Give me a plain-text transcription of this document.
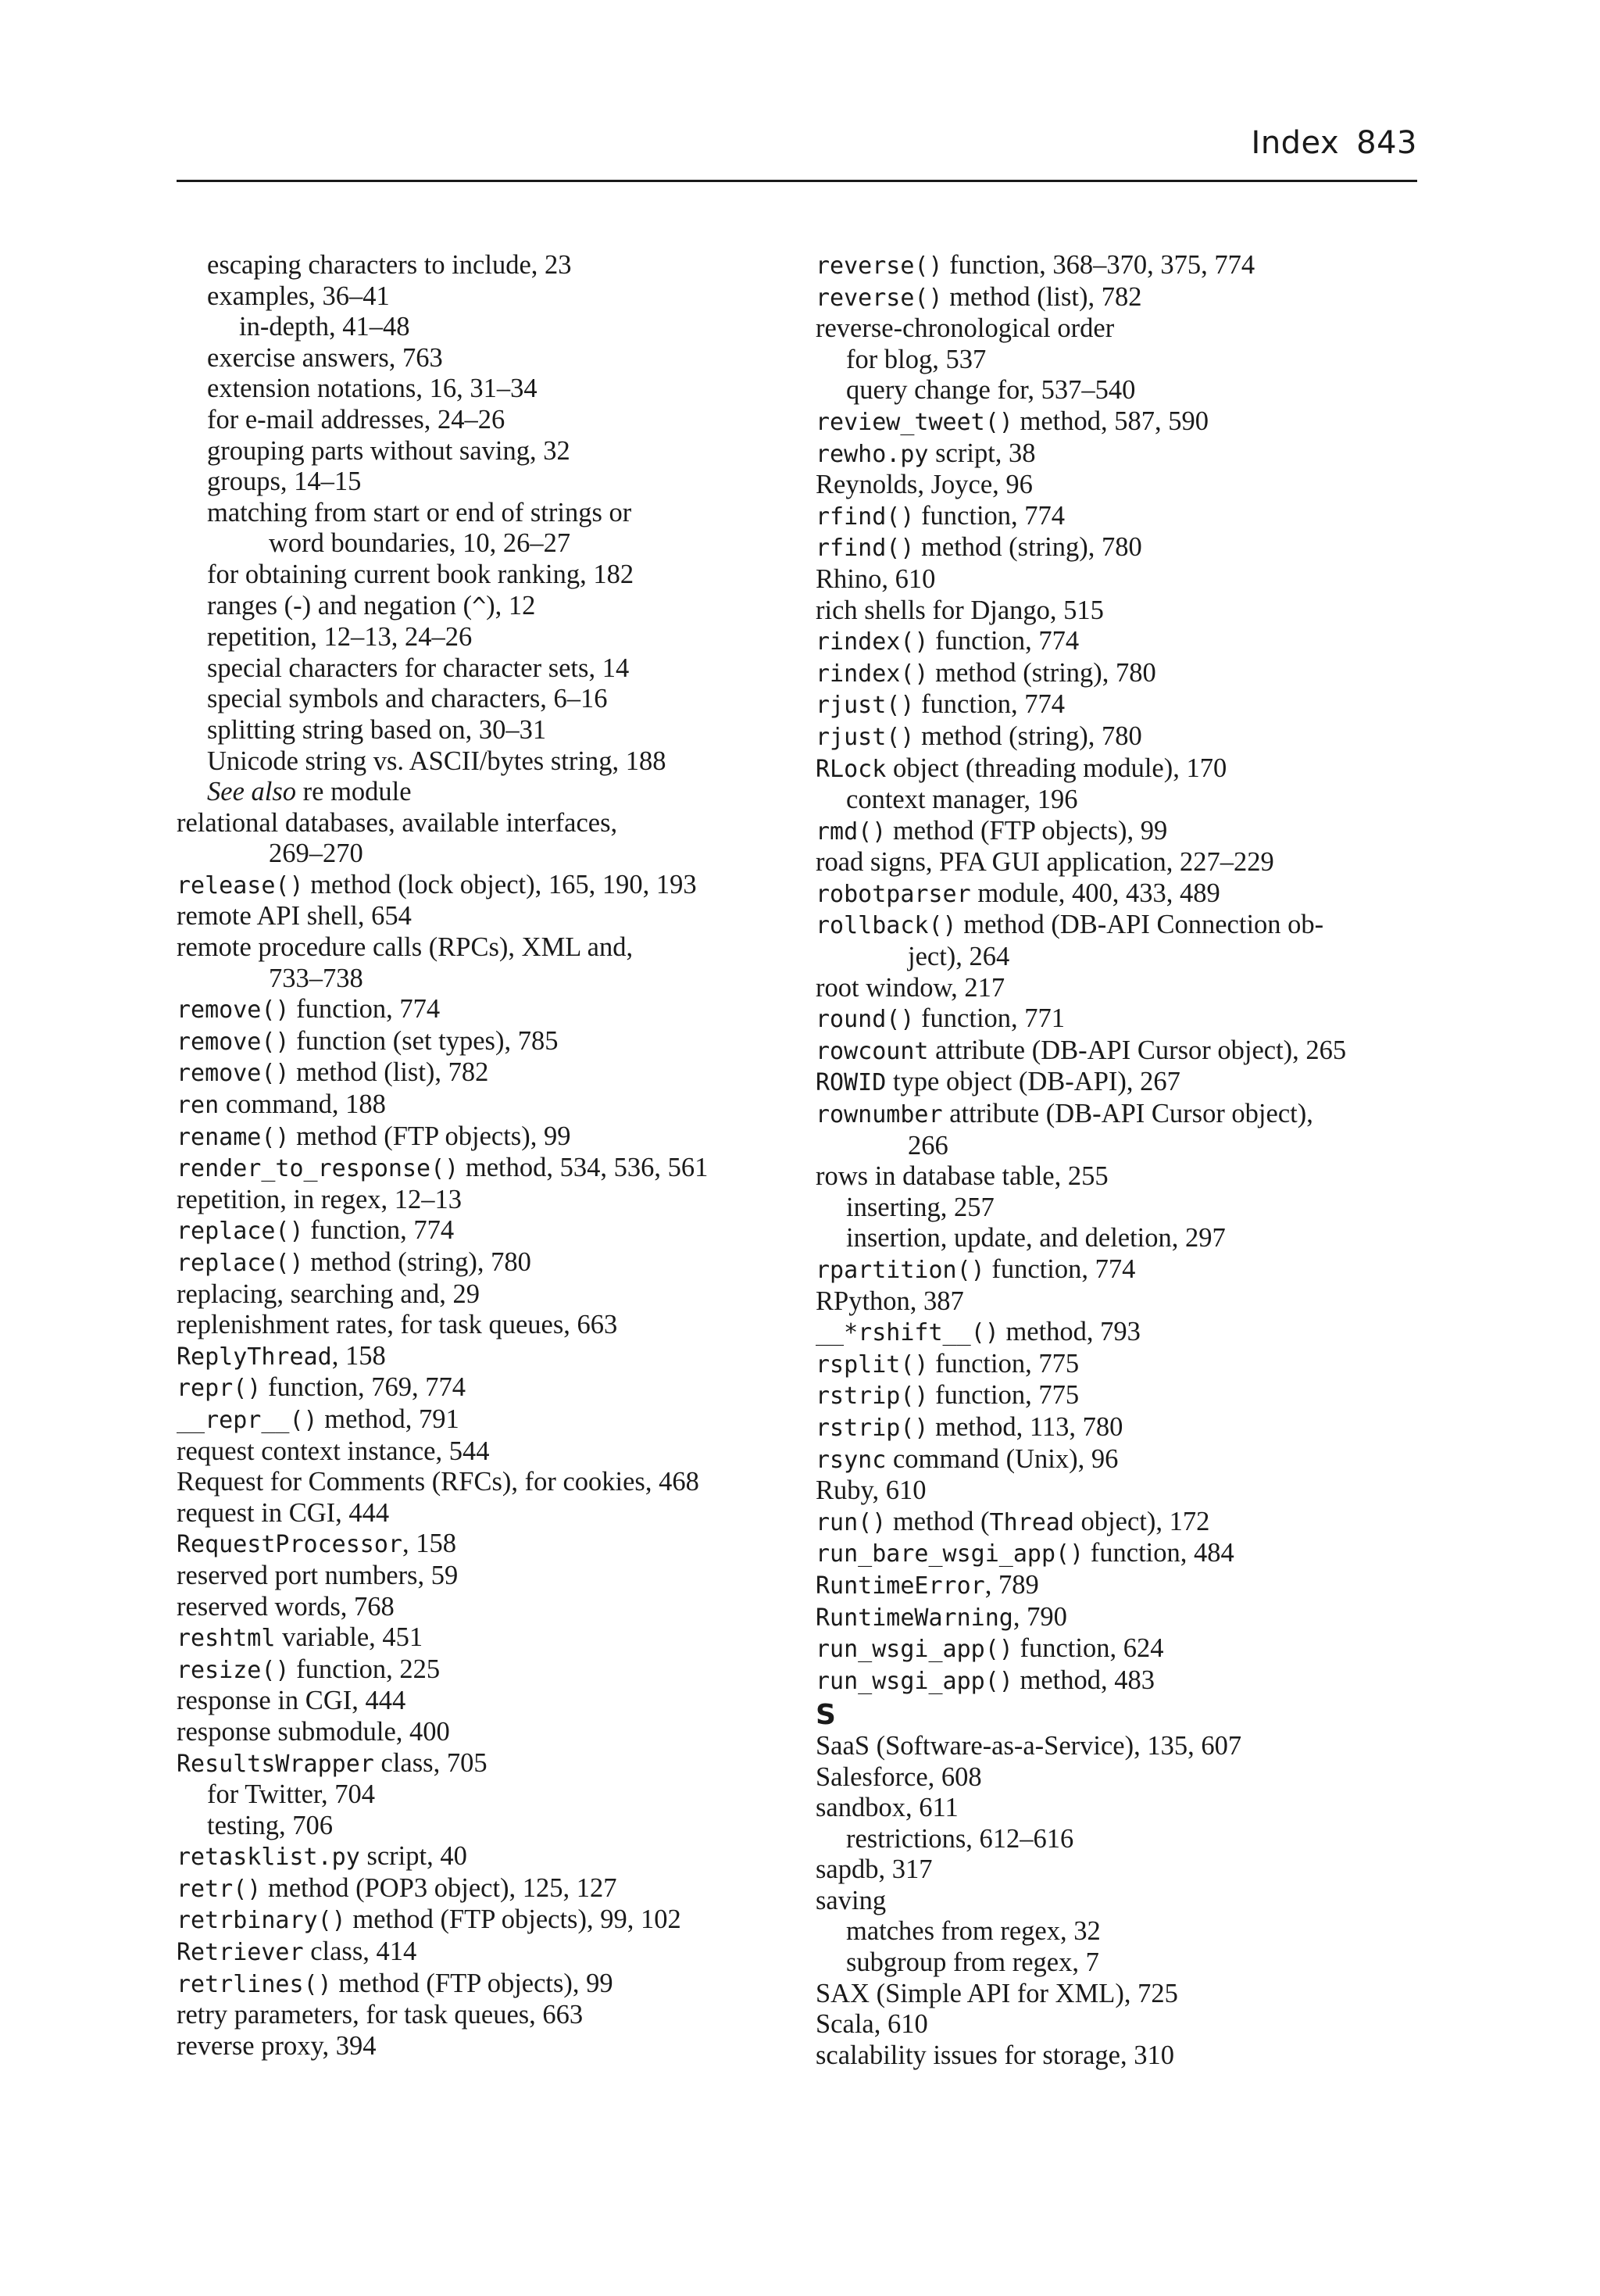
Index 843
escaping characters to include, 23
examples, 36–41
in-depth, 41–48
exercise answers, 763
extension notations, 16, 31–34
for e-mail addresses, 24–26
grouping parts without saving, 32
groups, 14–15
matching from start or end of strings or
word boundaries, 10, 26–27
for obtaining current book ranking, 182
ranges (-) and negation (^), 12
repetition, 12–13, 24–26
special characters for character sets, 14
special symbols and characters, 6–16
splitting string based on, 30–31
Unicode string vs. ASCII/bytes string, 188
See also re module
relational databases, available interfaces,
269–270
release() method (lock object), 165, 190, 193
remote API shell, 654
remote procedure calls (RPCs), XML and,
733–738
remove() function, 774
remove() function (set types), 785
remove() method (list), 782
ren command, 188
rename() method (FTP objects), 99
render_to_response() method, 534, 536, 561
repetition, in regex, 12–13
replace() function, 774
replace() method (string), 780
replacing, searching and, 29
replenishment rates, for task queues, 663
ReplyThread, 158
repr() function, 769, 774
__repr__() method, 791
request context instance, 544
Request for Comments (RFCs), for cookies, 468
request in CGI, 444
RequestProcessor, 158
reserved port numbers, 59
reserved words, 768
reshtml variable, 451
resize() function, 225
response in CGI, 444
response submodule, 400
ResultsWrapper class, 705
for Twitter, 704
testing, 706
retasklist.py script, 40
retr() method (POP3 object), 125, 127
retrbinary() method (FTP objects), 99, 102
Retriever class, 414
retrlines() method (FTP objects), 99
retry parameters, for task queues, 663
reverse proxy, 394
reverse() function, 368–370, 375, 774
reverse() method (list), 782
reverse-chronological order
for blog, 537
query change for, 537–540
review_tweet() method, 587, 590
rewho.py script, 38
Reynolds, Joyce, 96
rfind() function, 774
rfind() method (string), 780
Rhino, 610
rich shells for Django, 515
rindex() function, 774
rindex() method (string), 780
rjust() function, 774
rjust() method (string), 780
RLock object (threading module), 170
context manager, 196
rmd() method (FTP objects), 99
road signs, PFA GUI application, 227–229
robotparser module, 400, 433, 489
rollback() method (DB-API Connection ob-
ject), 264
root window, 217
round() function, 771
rowcount attribute (DB-API Cursor object), 265
ROWID type object (DB-API), 267
rownumber attribute (DB-API Cursor object),
266
rows in database table, 255
inserting, 257
insertion, update, and deletion, 297
rpartition() function, 774
RPython, 387
__*rshift__() method, 793
rsplit() function, 775
rstrip() function, 775
rstrip() method, 113, 780
rsync command (Unix), 96
Ruby, 610
run() method (Thread object), 172
run_bare_wsgi_app() function, 484
RuntimeError, 789
RuntimeWarning, 790
run_wsgi_app() function, 624
run_wsgi_app() method, 483
S
SaaS (Software-as-a-Service), 135, 607
Salesforce, 608
sandbox, 611
restrictions, 612–616
sapdb, 317
saving
matches from regex, 32
subgroup from regex, 7
SAX (Simple API for XML), 725
Scala, 610
scalability issues for storage, 310
